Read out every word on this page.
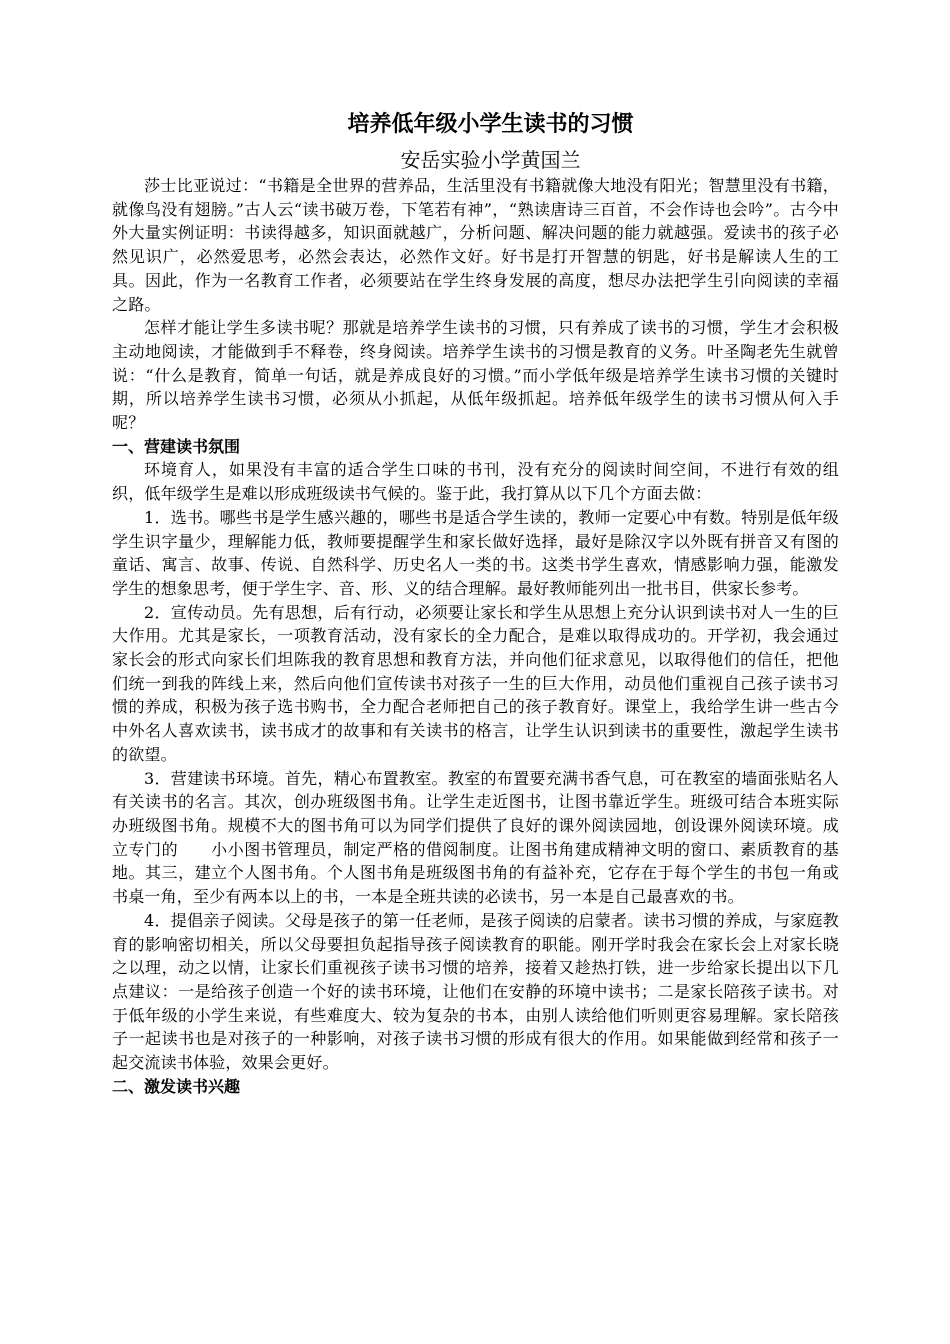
培养低年级小学生读书的习惯
安岳实验小学黄国兰

莎士比亚说过：“书籍是全世界的营养品，生活里没有书籍就像大地没有阳光；智慧里没有书籍，就像鸟没有翅膀。”古人云“读书破万卷，下笔若有神”，“熟读唐诗三百首，不会作诗也会吟”。古今中外大量实例证明：书读得越多，知识面就越广，分析问题、解决问题的能力就越强。爱读书的孩子必然见识广，必然爱思考，必然会表达，必然作文好。好书是打开智慧的钥匙，好书是解读人生的工具。因此，作为一名教育工作者，必须要站在学生终身发展的高度，想尽办法把学生引向阅读的幸福之路。

怎样才能让学生多读书呢？那就是培养学生读书的习惯，只有养成了读书的习惯，学生才会积极主动地阅读，才能做到手不释卷，终身阅读。培养学生读书的习惯是教育的义务。叶圣陶老先生就曾说：“什么是教育，简单一句话，就是养成良好的习惯。”而小学低年级是培养学生读书习惯的关键时期，所以培养学生读书习惯，必须从小抓起，从低年级抓起。培养低年级学生的读书习惯从何入手呢？

一、营建读书氛围

环境育人，如果没有丰富的适合学生口味的书刊，没有充分的阅读时间空间，不进行有效的组织，低年级学生是难以形成班级读书气候的。鉴于此，我打算从以下几个方面去做：

1．选书。哪些书是学生感兴趣的，哪些书是适合学生读的，教师一定要心中有数。特别是低年级学生识字量少，理解能力低，教师要提醒学生和家长做好选择，最好是除汉字以外既有拼音又有图的童话、寓言、故事、传说、自然科学、历史名人一类的书。这类书学生喜欢，情感影响力强，能激发学生的想象思考，便于学生字、音、形、义的结合理解。最好教师能列出一批书目，供家长参考。

2．宣传动员。先有思想，后有行动，必须要让家长和学生从思想上充分认识到读书对人一生的巨大作用。尤其是家长，一项教育活动，没有家长的全力配合，是难以取得成功的。开学初，我会通过家长会的形式向家长们坦陈我的教育思想和教育方法，并向他们征求意见，以取得他们的信任，把他们统一到我的阵线上来，然后向他们宣传读书对孩子一生的巨大作用，动员他们重视自己孩子读书习惯的养成，积极为孩子选书购书，全力配合老师把自己的孩子教育好。课堂上，我给学生讲一些古今中外名人喜欢读书，读书成才的故事和有关读书的格言，让学生认识到读书的重要性，激起学生读书的欲望。

3．营建读书环境。首先，精心布置教室。教室的布置要充满书香气息，可在教室的墙面张贴名人有关读书的名言。其次，创办班级图书角。让学生走近图书，让图书靠近学生。班级可结合本班实际办班级图书角。规模不大的图书角可以为同学们提供了良好的课外阅读园地，创设课外阅读环境。成立专门的　　小小图书管理员，制定严格的借阅制度。让图书角建成精神文明的窗口、素质教育的基地。其三，建立个人图书角。个人图书角是班级图书角的有益补充，它存在于每个学生的书包一角或书桌一角，至少有两本以上的书，一本是全班共读的必读书，另一本是自己最喜欢的书。

4．提倡亲子阅读。父母是孩子的第一任老师，是孩子阅读的启蒙者。读书习惯的养成，与家庭教育的影响密切相关，所以父母要担负起指导孩子阅读教育的职能。刚开学时我会在家长会上对家长晓之以理，动之以情，让家长们重视孩子读书习惯的培养，接着又趁热打铁，进一步给家长提出以下几点建议：一是给孩子创造一个好的读书环境，让他们在安静的环境中读书；二是家长陪孩子读书。对于低年级的小学生来说，有些难度大、较为复杂的书本，由别人读给他们听则更容易理解。家长陪孩子一起读书也是对孩子的一种影响，对孩子读书习惯的形成有很大的作用。如果能做到经常和孩子一起交流读书体验，效果会更好。

二、激发读书兴趣
